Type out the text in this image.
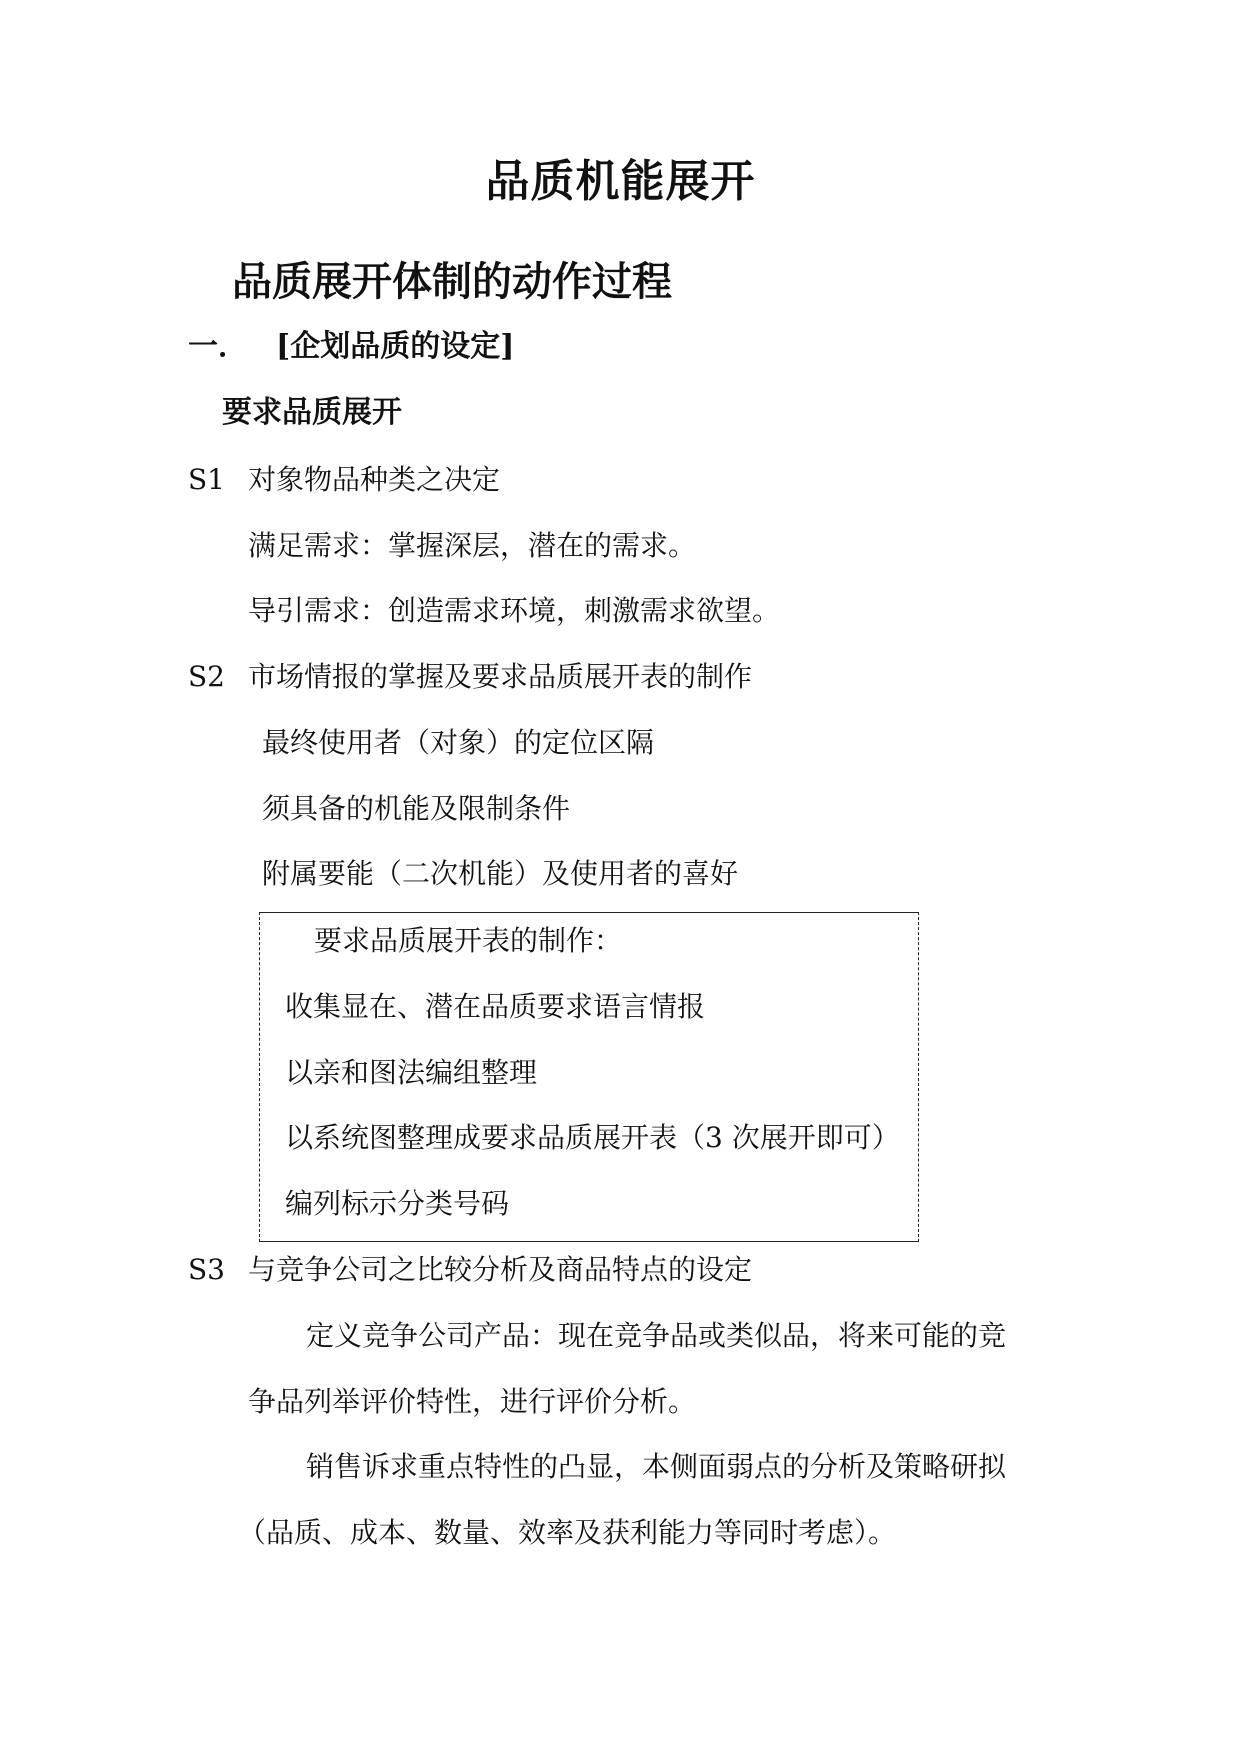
品质机能展开
品质展开体制的动作过程
一． [企划品质的设定]
要求品质展开
S1 对象物品种类之决定
满足需求：掌握深层，潜在的需求。
导引需求：创造需求环境，刺激需求欲望。
S2 市场情报的掌握及要求品质展开表的制作
最终使用者（对象）的定位区隔
须具备的机能及限制条件
附属要能（二次机能）及使用者的喜好
要求品质展开表的制作：
收集显在、潜在品质要求语言情报
以亲和图法编组整理
以系统图整理成要求品质展开表（3 次展开即可）
编列标示分类号码
S3 与竞争公司之比较分析及商品特点的设定
定义竞争公司产品：现在竞争品或类似品，将来可能的竞
争品列举评价特性，进行评价分析。
销售诉求重点特性的凸显，本侧面弱点的分析及策略研拟
（品质、成本、数量、效率及获利能力等同时考虑）。
